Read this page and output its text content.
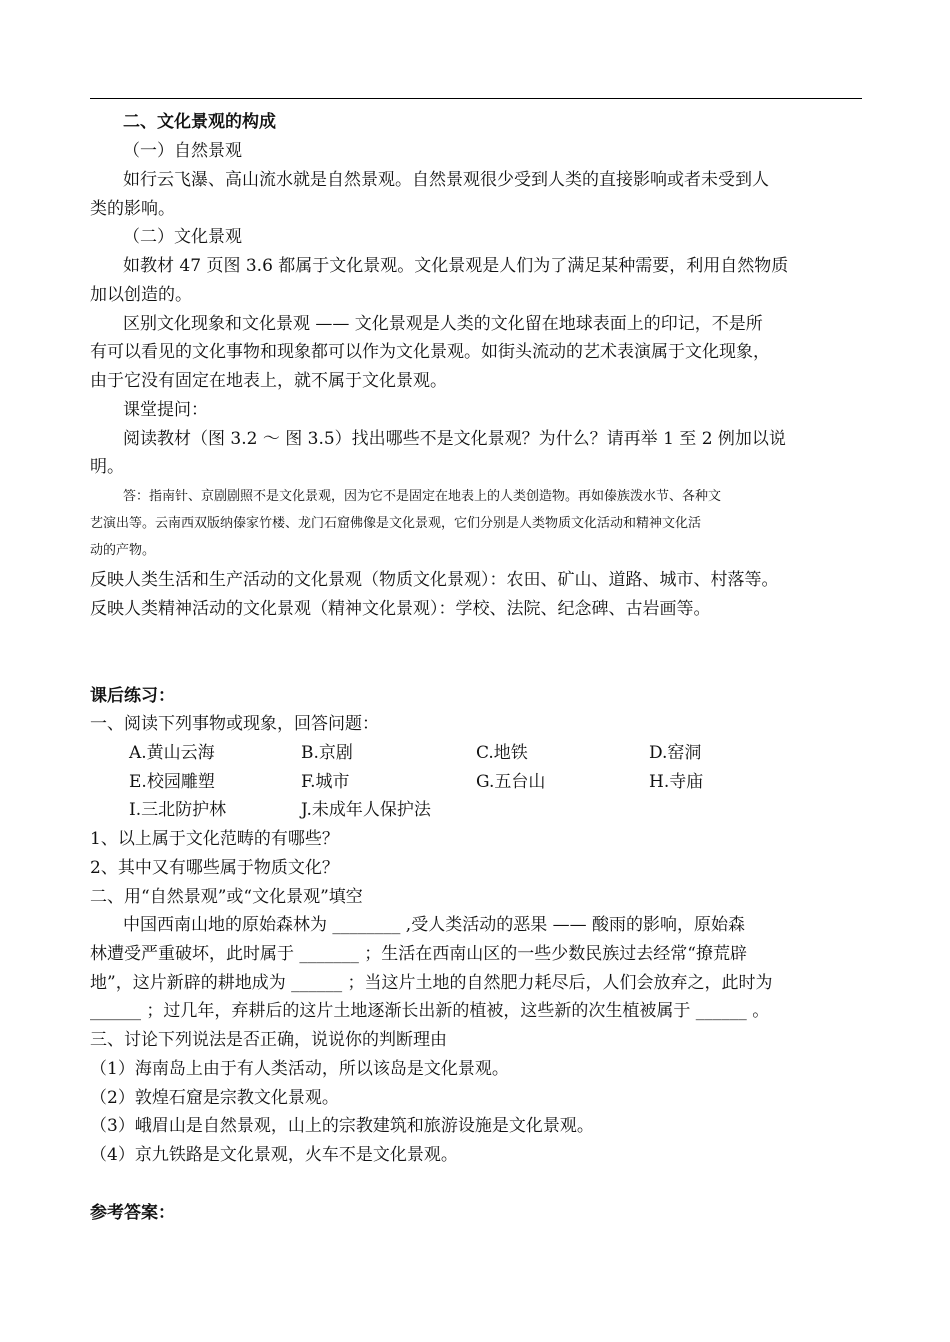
二、文化景观的构成
（一）自然景观
如行云飞瀑、高山流水就是自然景观。自然景观很少受到人类的直接影响或者未受到人
类的影响。
（二）文化景观
如教材 47 页图 3.6 都属于文化景观。文化景观是人们为了满足某种需要，利用自然物质
加以创造的。
区别文化现象和文化景观 —— 文化景观是人类的文化留在地球表面上的印记，不是所
有可以看见的文化事物和现象都可以作为文化景观。如街头流动的艺术表演属于文化现象，
由于它没有固定在地表上，就不属于文化景观。
课堂提问：
阅读教材（图 3.2 ～ 图 3.5）找出哪些不是文化景观？为什么？请再举 1 至 2 例加以说
明。
答：指南针、京剧剧照不是文化景观，因为它不是固定在地表上的人类创造物。再如傣族泼水节、各种文
艺演出等。云南西双版纳傣家竹楼、龙门石窟佛像是文化景观，它们分别是人类物质文化活动和精神文化活
动的产物。
反映人类生活和生产活动的文化景观（物质文化景观）：农田、矿山、道路、城市、村落等。
反映人类精神活动的文化景观（精神文化景观）：学校、法院、纪念碑、古岩画等。
课后练习：
一、阅读下列事物或现象，回答问题：
A.黄山云海	B.京剧	C.地铁	D.窑洞
E.校园雕塑	F.城市	G.五台山	H.寺庙
I.三北防护林	J.未成年人保护法
1、以上属于文化范畴的有哪些？
2、其中又有哪些属于物质文化？
二、用“自然景观”或“文化景观”填空
中国西南山地的原始森林为 ________ ,受人类活动的恶果 —— 酸雨的影响，原始森
林遭受严重破坏，此时属于 _______ ；生活在西南山区的一些少数民族过去经常“撩荒辟
地”，这片新辟的耕地成为 ______ ；当这片土地的自然肥力耗尽后，人们会放弃之，此时为
______ ；过几年，弃耕后的这片土地逐渐长出新的植被，这些新的次生植被属于 ______ 。
三、讨论下列说法是否正确，说说你的判断理由
（1）海南岛上由于有人类活动，所以该岛是文化景观。
（2）敦煌石窟是宗教文化景观。
（3）峨眉山是自然景观，山上的宗教建筑和旅游设施是文化景观。
（4）京九铁路是文化景观，火车不是文化景观。
参考答案：
